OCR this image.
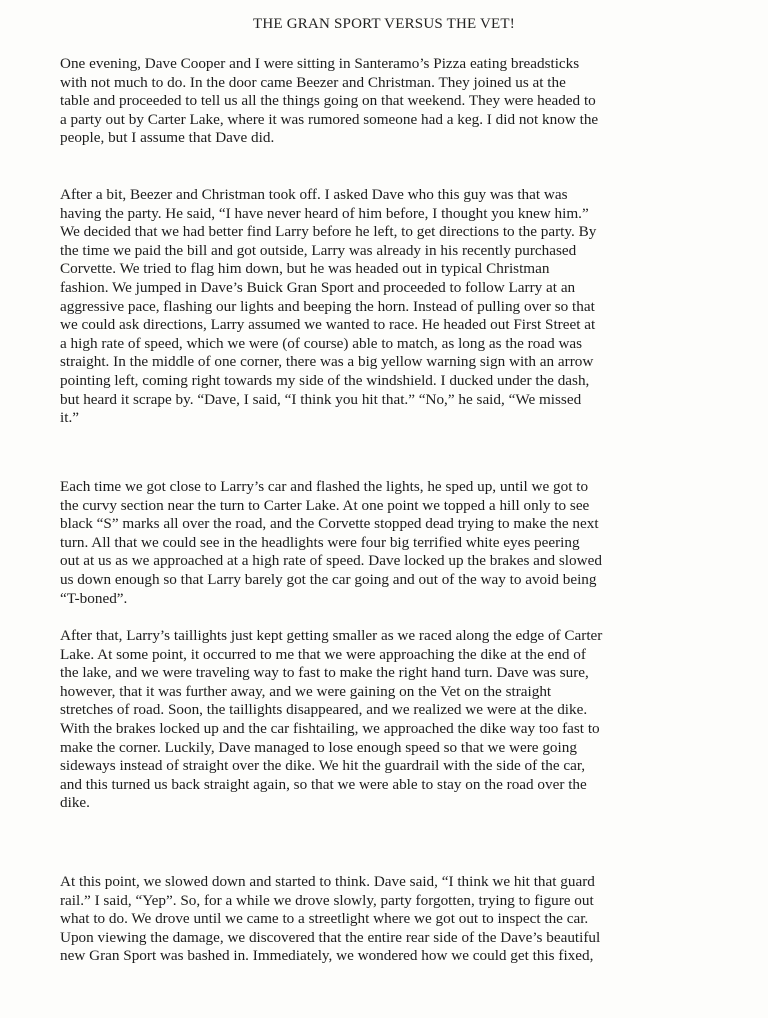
THE GRAN SPORT VERSUS THE VET!
One evening, Dave Cooper and I were sitting in Santeramo’s Pizza eating breadsticks
with not much to do. In the door came Beezer and Christman. They joined us at the
table and proceeded to tell us all the things going on that weekend. They were headed to
a party out by Carter Lake, where it was rumored someone had a keg. I did not know the
people, but I assume that Dave did.
After a bit, Beezer and Christman took off. I asked Dave who this guy was that was
having the party. He said, “I have never heard of him before, I thought you knew him.”
We decided that we had better find Larry before he left, to get directions to the party. By
the time we paid the bill and got outside, Larry was already in his recently purchased
Corvette. We tried to flag him down, but he was headed out in typical Christman
fashion. We jumped in Dave’s Buick Gran Sport and proceeded to follow Larry at an
aggressive pace, flashing our lights and beeping the horn. Instead of pulling over so that
we could ask directions, Larry assumed we wanted to race. He headed out First Street at
a high rate of speed, which we were (of course) able to match, as long as the road was
straight. In the middle of one corner, there was a big yellow warning sign with an arrow
pointing left, coming right towards my side of the windshield. I ducked under the dash,
but heard it scrape by. “Dave, I said, “I think you hit that.” “No,” he said, “We missed
it.”
Each time we got close to Larry’s car and flashed the lights, he sped up, until we got to
the curvy section near the turn to Carter Lake. At one point we topped a hill only to see
black “S” marks all over the road, and the Corvette stopped dead trying to make the next
turn. All that we could see in the headlights were four big terrified white eyes peering
out at us as we approached at a high rate of speed. Dave locked up the brakes and slowed
us down enough so that Larry barely got the car going and out of the way to avoid being
“T-boned”.
After that, Larry’s taillights just kept getting smaller as we raced along the edge of Carter
Lake. At some point, it occurred to me that we were approaching the dike at the end of
the lake, and we were traveling way to fast to make the right hand turn. Dave was sure,
however, that it was further away, and we were gaining on the Vet on the straight
stretches of road. Soon, the taillights disappeared, and we realized we were at the dike.
With the brakes locked up and the car fishtailing, we approached the dike way too fast to
make the corner. Luckily, Dave managed to lose enough speed so that we were going
sideways instead of straight over the dike. We hit the guardrail with the side of the car,
and this turned us back straight again, so that we were able to stay on the road over the
dike.
At this point, we slowed down and started to think. Dave said, “I think we hit that guard
rail.” I said, “Yep”. So, for a while we drove slowly, party forgotten, trying to figure out
what to do. We drove until we came to a streetlight where we got out to inspect the car.
Upon viewing the damage, we discovered that the entire rear side of the Dave’s beautiful
new Gran Sport was bashed in. Immediately, we wondered how we could get this fixed,
